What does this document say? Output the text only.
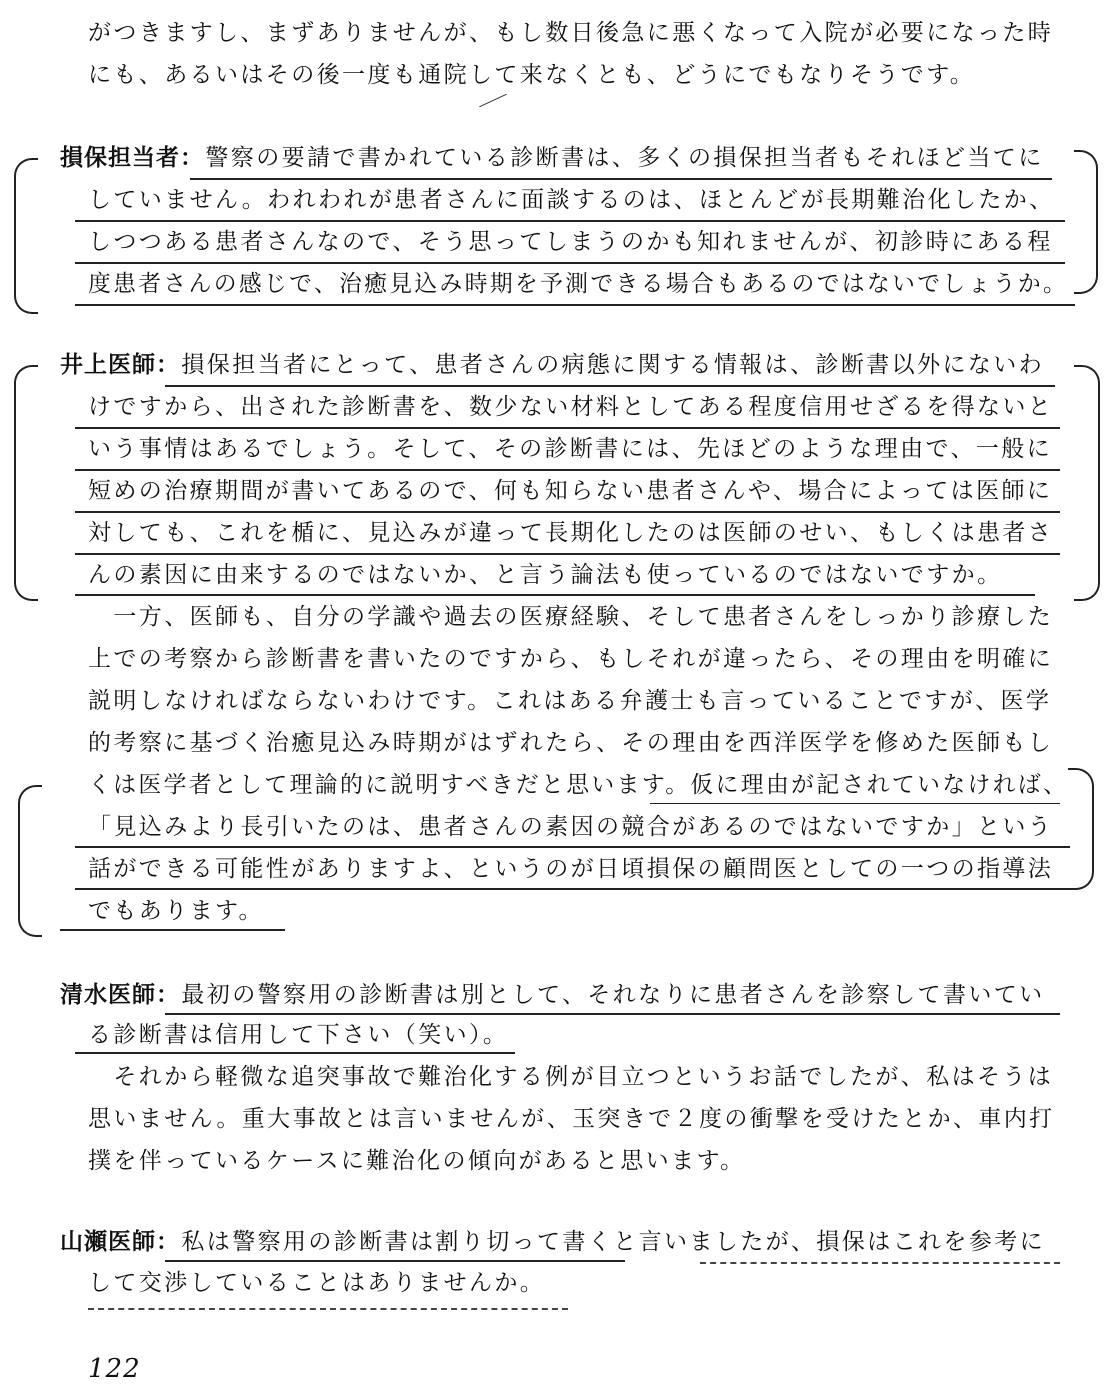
がつきますし、まずありませんが、もし数日後急に悪くなって入院が必要になった時
にも、あるいはその後一度も通院して来なくとも、どうにでもなりそうです。
損保担当者：警察の要請で書かれている診断書は、多くの損保担当者もそれほど当てに
していません。われわれが患者さんに面談するのは、ほとんどが長期難治化したか、
しつつある患者さんなので、そう思ってしまうのかも知れませんが、初診時にある程
度患者さんの感じで、治癒見込み時期を予測できる場合もあるのではないでしょうか。
井上医師：損保担当者にとって、患者さんの病態に関する情報は、診断書以外にないわ
けですから、出された診断書を、数少ない材料としてある程度信用せざるを得ないと
いう事情はあるでしょう。そして、その診断書には、先ほどのような理由で、一般に
短めの治療期間が書いてあるので、何も知らない患者さんや、場合によっては医師に
対しても、これを楯に、見込みが違って長期化したのは医師のせい、もしくは患者さ
んの素因に由来するのではないか、と言う論法も使っているのではないですか。
　一方、医師も、自分の学識や過去の医療経験、そして患者さんをしっかり診療した
上での考察から診断書を書いたのですから、もしそれが違ったら、その理由を明確に
説明しなければならないわけです。これはある弁護士も言っていることですが、医学
的考察に基づく治癒見込み時期がはずれたら、その理由を西洋医学を修めた医師もし
くは医学者として理論的に説明すべきだと思います。仮に理由が記されていなければ、
「見込みより長引いたのは、患者さんの素因の競合があるのではないですか」という
話ができる可能性がありますよ、というのが日頃損保の顧問医としての一つの指導法
でもあります。
清水医師：最初の警察用の診断書は別として、それなりに患者さんを診察して書いてい
る診断書は信用して下さい（笑い）。
　それから軽微な追突事故で難治化する例が目立つというお話でしたが、私はそうは
思いません。重大事故とは言いませんが、玉突きで２度の衝撃を受けたとか、車内打
撲を伴っているケースに難治化の傾向があると思います。
山瀬医師：私は警察用の診断書は割り切って書くと言いましたが、損保はこれを参考に
して交渉していることはありませんか。
122
